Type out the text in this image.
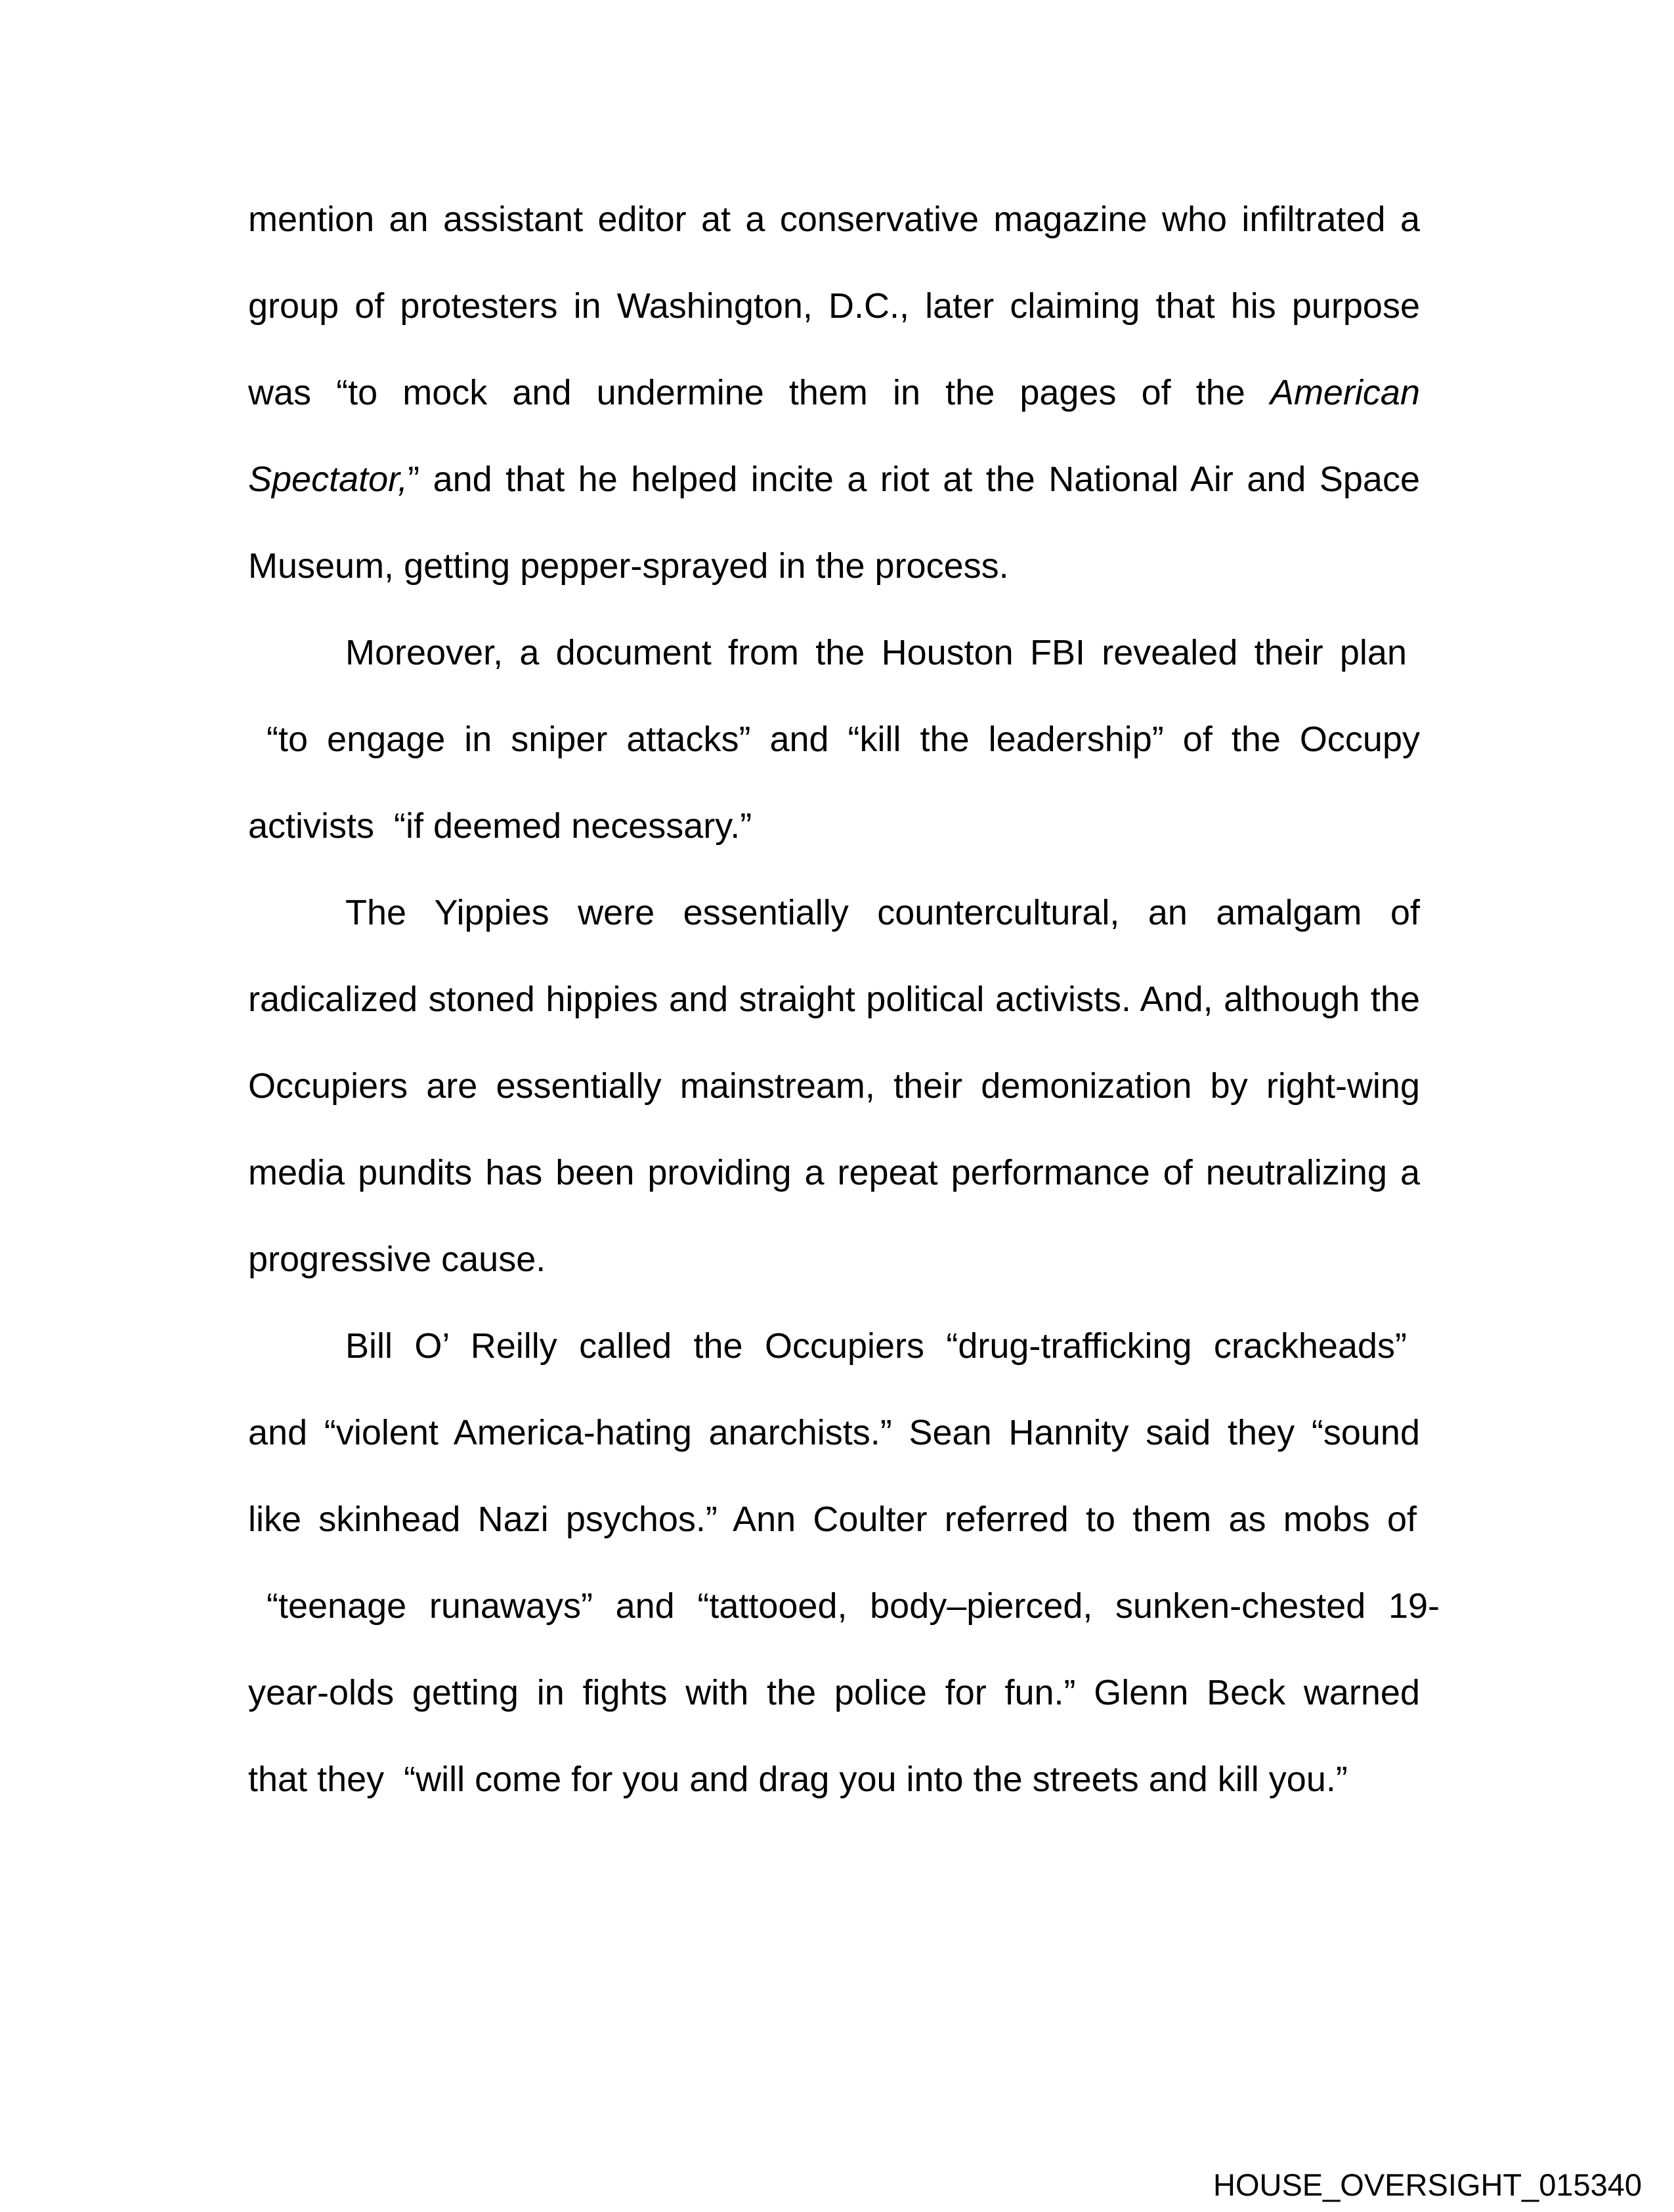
mention an assistant editor at a conservative magazine who infiltrated a
group of protesters in Washington, D.C., later claiming that his purpose
was “to mock and undermine them in the pages of the American
Spectator,” and that he helped incite a riot at the National Air and Space
Museum, getting pepper-sprayed in the process.
Moreover, a document from the Houston FBI revealed their plan
“to engage in sniper attacks” and “kill the leadership” of the Occupy
activists  “if deemed necessary.”
The Yippies were essentially countercultural, an amalgam of
radicalized stoned hippies and straight political activists. And, although the
Occupiers are essentially mainstream, their demonization by right-wing
media pundits has been providing a repeat performance of neutralizing a
progressive cause.
Bill O’ Reilly called the Occupiers “drug-trafficking crackheads”
and “violent America-hating anarchists.” Sean Hannity said they “sound
like skinhead Nazi psychos.” Ann Coulter referred to them as mobs of
“teenage runaways” and “tattooed, body–pierced, sunken-chested 19-
year-olds getting in fights with the police for fun.” Glenn Beck warned
that they  “will come for you and drag you into the streets and kill you.”
HOUSE_OVERSIGHT_015340
